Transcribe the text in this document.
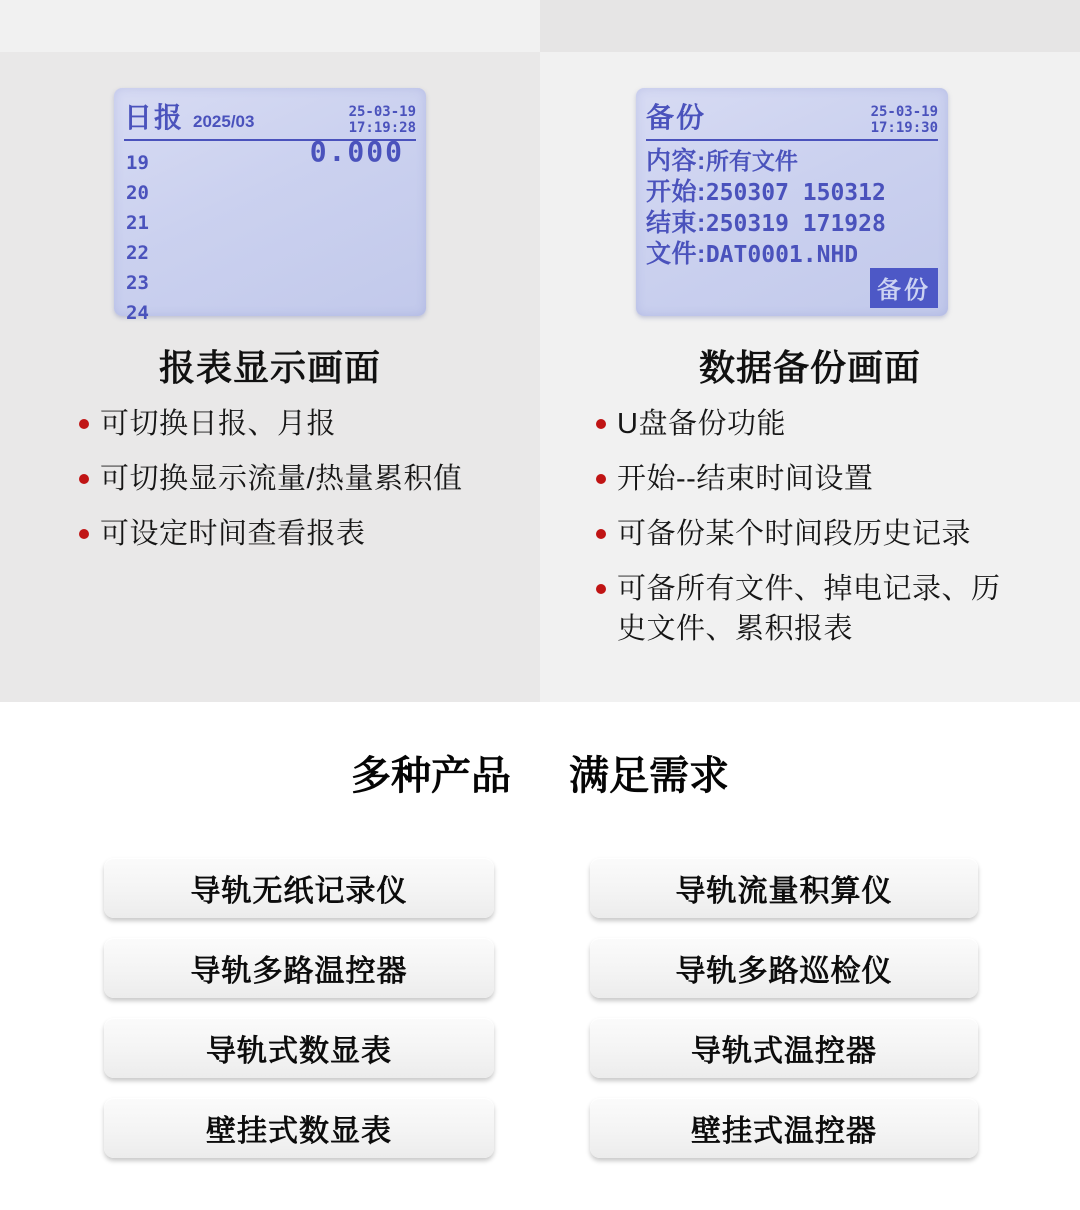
日报 2025/03
25-03-19
17:19:28
19
20
21
22
23
24
0.000
报表显示画面
可切换日报、月报
可切换显示流量/热量累积值
可设定时间查看报表
备份	25-03-19
17:19:30
内容:所有文件
开始:250307 150312
结束:250319 171928
文件:DAT0001.NHD
备份
数据备份画面
U盘备份功能
开始--结束时间设置
可备份某个时间段历史记录
可备所有文件、掉电记录、历史文件、累积报表
多种产品 满足需求
导轨无纸记录仪	导轨流量积算仪
导轨多路温控器	导轨多路巡检仪
导轨式数显表	导轨式温控器
壁挂式数显表	壁挂式温控器
